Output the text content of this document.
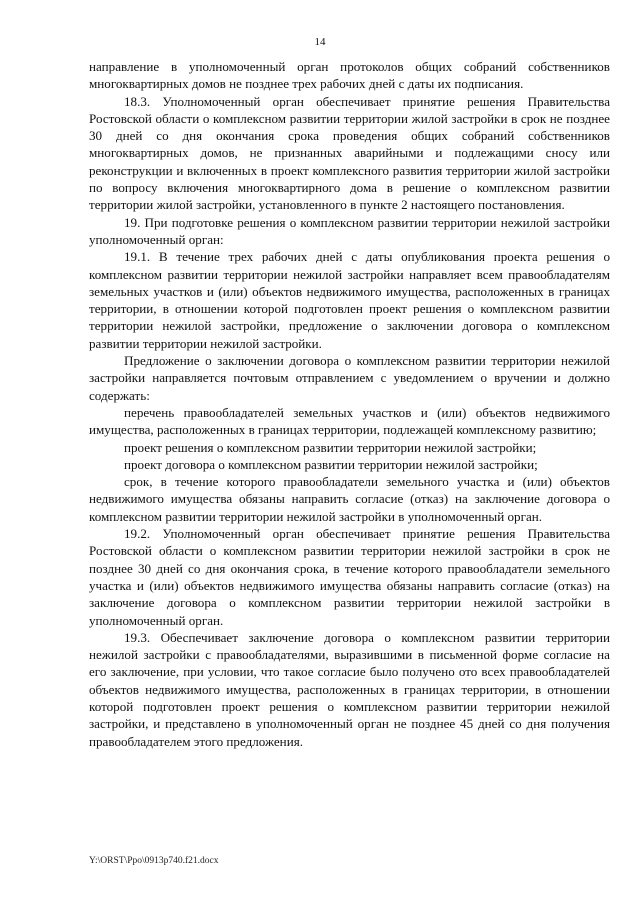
14

направление в уполномоченный орган протоколов общих собраний собственников многоквартирных домов не позднее трех рабочих дней с даты их подписания.

18.3. Уполномоченный орган обеспечивает принятие решения Правительства Ростовской области о комплексном развитии территории жилой застройки в срок не позднее 30 дней со дня окончания срока проведения общих собраний собственников многоквартирных домов, не признанных аварийными и подлежащими сносу или реконструкции и включенных в проект комплексного развития территории жилой застройки по вопросу включения многоквартирного дома в решение о комплексном развитии территории жилой застройки, установленного в пункте 2 настоящего постановления.

19. При подготовке решения о комплексном развитии территории нежилой застройки уполномоченный орган:

19.1. В течение трех рабочих дней с даты опубликования проекта решения о комплексном развитии территории нежилой застройки направляет всем правообладателям земельных участков и (или) объектов недвижимого имущества, расположенных в границах территории, в отношении которой подготовлен проект решения о комплексном развитии территории нежилой застройки, предложение о заключении договора о комплексном развитии территории нежилой застройки.

Предложение о заключении договора о комплексном развитии территории нежилой застройки направляется почтовым отправлением с уведомлением о вручении и должно содержать:

перечень правообладателей земельных участков и (или) объектов недвижимого имущества, расположенных в границах территории, подлежащей комплексному развитию;

проект решения о комплексном развитии территории нежилой застройки;

проект договора о комплексном развитии территории нежилой застройки;

срок, в течение которого правообладатели земельного участка и (или) объектов недвижимого имущества обязаны направить согласие (отказ) на заключение договора о комплексном развитии территории нежилой застройки в уполномоченный орган.

19.2. Уполномоченный орган обеспечивает принятие решения Правительства Ростовской области о комплексном развитии территории нежилой застройки в срок не позднее 30 дней со дня окончания срока, в течение которого правообладатели земельного участка и (или) объектов недвижимого имущества обязаны направить согласие (отказ) на заключение договора о комплексном развитии территории нежилой застройки в уполномоченный орган.

19.3. Обеспечивает заключение договора о комплексном развитии территории нежилой застройки с правообладателями, выразившими в письменной форме согласие на его заключение, при условии, что такое согласие было получено ото всех правообладателей объектов недвижимого имущества, расположенных в границах территории, в отношении которой подготовлен проект решения о комплексном развитии территории нежилой застройки, и представлено в уполномоченный орган не позднее 45 дней со дня получения правообладателем этого предложения.

Y:\ORST\Ppo\0913p740.f21.docx
